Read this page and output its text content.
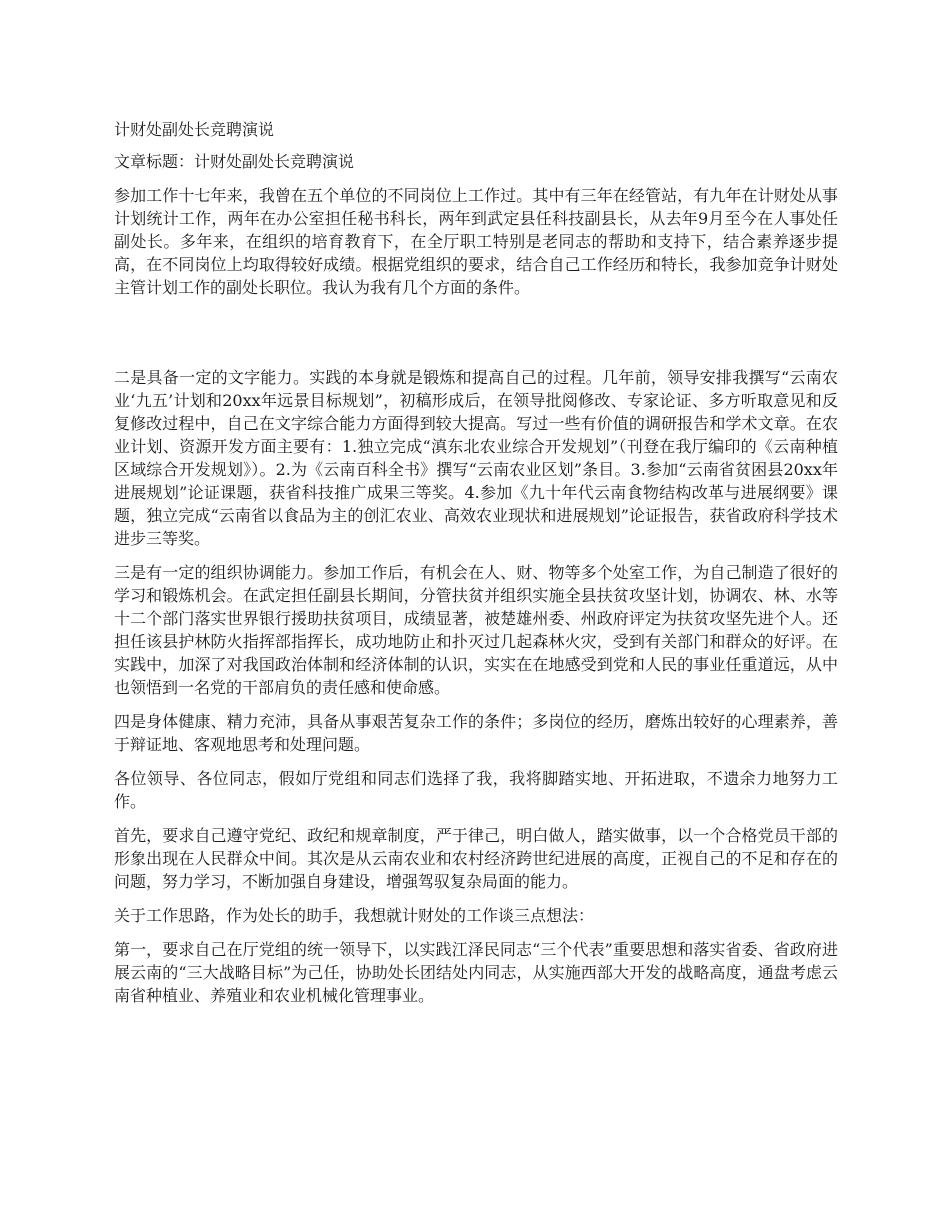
计财处副处长竞聘演说

文章标题：计财处副处长竞聘演说

参加工作十七年来，我曾在五个单位的不同岗位上工作过。其中有三年在经管站，有九年在计财处从事计划统计工作，两年在办公室担任秘书科长，两年到武定县任科技副县长，从去年9月至今在人事处任副处长。多年来，在组织的培育教育下，在全厅职工特别是老同志的帮助和支持下，结合素养逐步提高，在不同岗位上均取得较好成绩。根据党组织的要求，结合自己工作经历和特长，我参加竞争计财处主管计划工作的副处长职位。我认为我有几个方面的条件。

二是具备一定的文字能力。实践的本身就是锻炼和提高自己的过程。几年前，领导安排我撰写“云南农业‘九五’计划和20xx年远景目标规划”，初稿形成后，在领导批阅修改、专家论证、多方听取意见和反复修改过程中，自己在文字综合能力方面得到较大提高。写过一些有价值的调研报告和学术文章。在农业计划、资源开发方面主要有：1.独立完成“滇东北农业综合开发规划”（刊登在我厅编印的《云南种植区域综合开发规划》）。2.为《云南百科全书》撰写“云南农业区划”条目。3.参加“云南省贫困县20xx年进展规划”论证课题，获省科技推广成果三等奖。4.参加《九十年代云南食物结构改革与进展纲要》课题，独立完成“云南省以食品为主的创汇农业、高效农业现状和进展规划”论证报告，获省政府科学技术进步三等奖。

三是有一定的组织协调能力。参加工作后，有机会在人、财、物等多个处室工作，为自己制造了很好的学习和锻炼机会。在武定担任副县长期间，分管扶贫并组织实施全县扶贫攻坚计划，协调农、林、水等十二个部门落实世界银行援助扶贫项目，成绩显著，被楚雄州委、州政府评定为扶贫攻坚先进个人。还担任该县护林防火指挥部指挥长，成功地防止和扑灭过几起森林火灾，受到有关部门和群众的好评。在实践中，加深了对我国政治体制和经济体制的认识，实实在在地感受到党和人民的事业任重道远，从中也领悟到一名党的干部肩负的责任感和使命感。

四是身体健康、精力充沛，具备从事艰苦复杂工作的条件；多岗位的经历，磨炼出较好的心理素养，善于辩证地、客观地思考和处理问题。

各位领导、各位同志，假如厅党组和同志们选择了我，我将脚踏实地、开拓进取，不遗余力地努力工作。

首先，要求自己遵守党纪、政纪和规章制度，严于律己，明白做人，踏实做事，以一个合格党员干部的形象出现在人民群众中间。其次是从云南农业和农村经济跨世纪进展的高度，正视自己的不足和存在的问题，努力学习，不断加强自身建设，增强驾驭复杂局面的能力。

关于工作思路，作为处长的助手，我想就计财处的工作谈三点想法：

第一，要求自己在厅党组的统一领导下，以实践江泽民同志“三个代表”重要思想和落实省委、省政府进展云南的“三大战略目标”为己任，协助处长团结处内同志，从实施西部大开发的战略高度，通盘考虑云南省种植业、养殖业和农业机械化管理事业。
